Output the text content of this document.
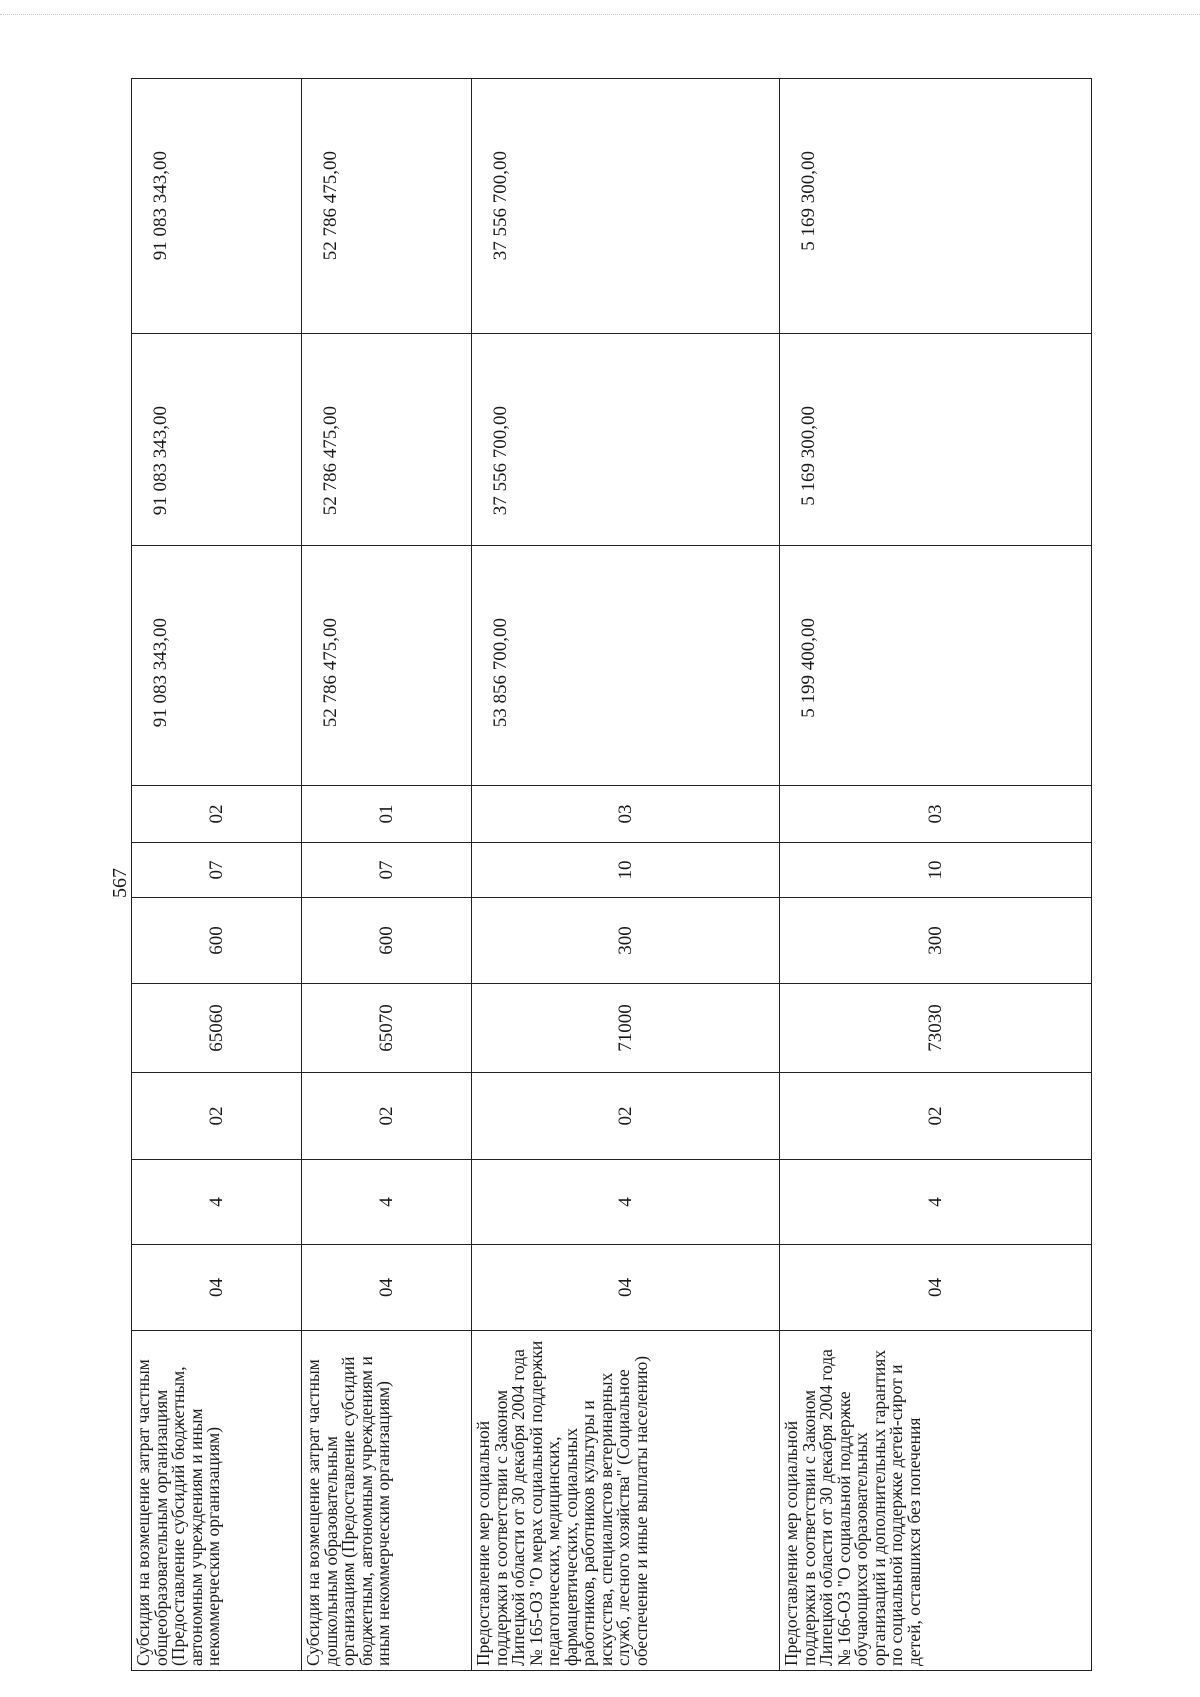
567
Субсидия на возмещение затрат частным общеобразовательным организациям (Предоставление субсидий бюджетным, автономным учреждениям и иным некоммерческим организациям)	04	4	02	65060	600	07	02	91 083 343,00	91 083 343,00	91 083 343,00
Субсидия на возмещение затрат частным дошкольным образовательным организациям (Предоставление субсидий бюджетным, автономным учреждениям и иным некоммерческим организациям)	04	4	02	65070	600	07	01	52 786 475,00	52 786 475,00	52 786 475,00
Предоставление мер социальной поддержки в соответствии с Законом Липецкой области от 30 декабря 2004 года № 165-ОЗ "О мерах социальной поддержки педагогических, медицинских, фармацевтических, социальных работников, работников культуры и искусства, специалистов ветеринарных служб, лесного хозяйства" (Социальное обеспечение и иные выплаты населению)	04	4	02	71000	300	10	03	53 856 700,00	37 556 700,00	37 556 700,00
Предоставление мер социальной поддержки в соответствии с Законом Липецкой области от 30 декабря 2004 года № 166-ОЗ "О социальной поддержке обучающихся образовательных организаций и дополнительных гарантиях по социальной поддержке детей-сирот и детей, оставшихся без попечения	04	4	02	73030	300	10	03	5 199 400,00	5 169 300,00	5 169 300,00
